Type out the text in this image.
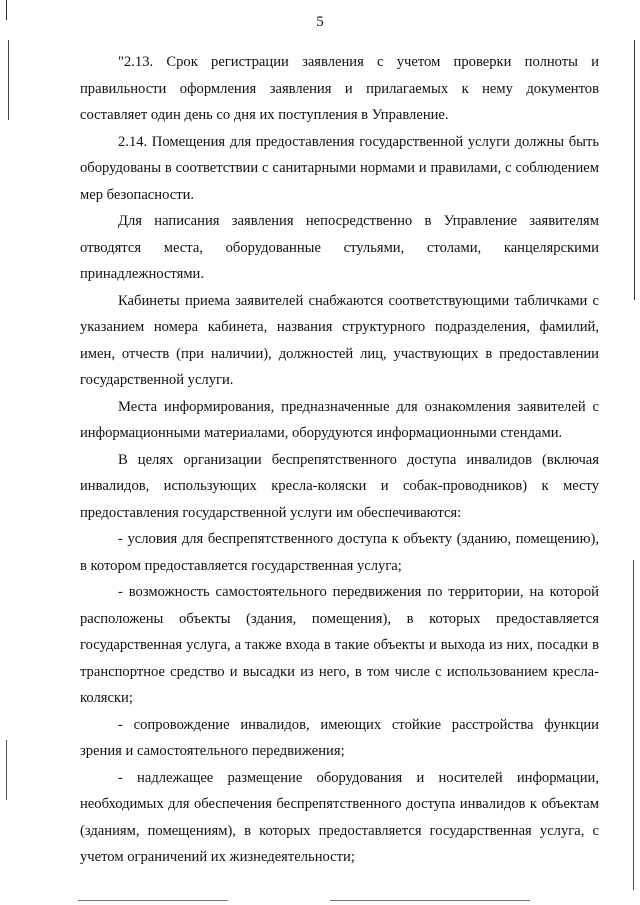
5

"2.13. Срок регистрации заявления с учетом проверки полноты и правильности оформления заявления и прилагаемых к нему документов составляет один день со дня их поступления в Управление.

2.14. Помещения для предоставления государственной услуги должны быть оборудованы в соответствии с санитарными нормами и правилами, с соблюдением мер безопасности.

Для написания заявления непосредственно в Управление заявителям отводятся места, оборудованные стульями, столами, канцелярскими принадлежностями.

Кабинеты приема заявителей снабжаются соответствующими табличками с указанием номера кабинета, названия структурного подразделения, фамилий, имен, отчеств (при наличии), должностей лиц, участвующих в предоставлении государственной услуги.

Места информирования, предназначенные для ознакомления заявителей с информационными материалами, оборудуются информационными стендами.

В целях организации беспрепятственного доступа инвалидов (включая инвалидов, использующих кресла-коляски и собак-проводников) к месту предоставления государственной услуги им обеспечиваются:

- условия для беспрепятственного доступа к объекту (зданию, помещению), в котором предоставляется государственная услуга;

- возможность самостоятельного передвижения по территории, на которой расположены объекты (здания, помещения), в которых предоставляется государственная услуга, а также входа в такие объекты и выхода из них, посадки в транспортное средство и высадки из него, в том числе с использованием кресла-коляски;

- сопровождение инвалидов, имеющих стойкие расстройства функции зрения и самостоятельного передвижения;

- надлежащее размещение оборудования и носителей информации, необходимых для обеспечения беспрепятственного доступа инвалидов к объектам (зданиям, помещениям), в которых предоставляется государственная услуга, с учетом ограничений их жизнедеятельности;
